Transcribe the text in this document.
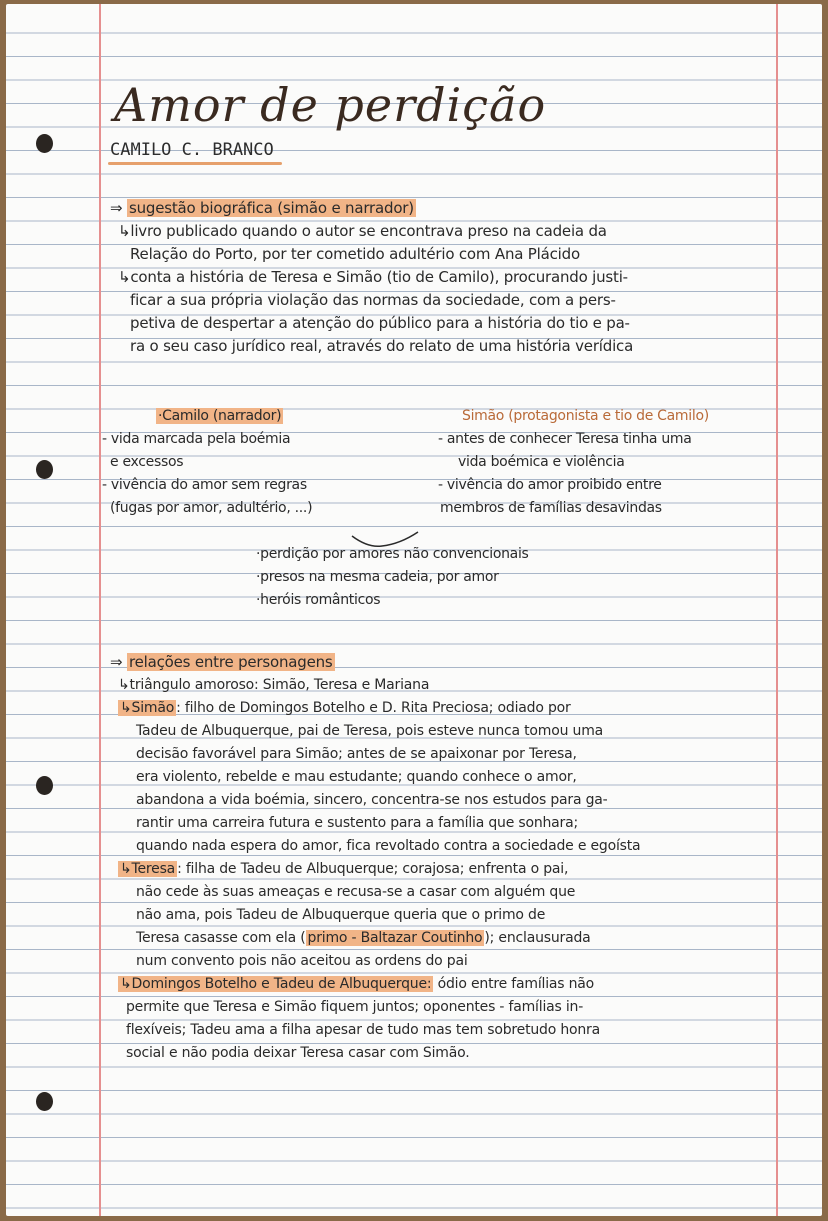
Amor de perdição
CAMILO C. BRANCO
⇒ sugestão biográfica (simão e narrador)
↳livro publicado quando o autor se encontrava preso na cadeia da
Relação do Porto, por ter cometido adultério com Ana Plácido
↳conta a história de Teresa e Simão (tio de Camilo), procurando justi-
ficar a sua própria violação das normas da sociedade, com a pers-
petiva de despertar a atenção do público para a história do tio e pa-
ra o seu caso jurídico real, através do relato de uma história verídica
·Camilo (narrador)
- vida marcada pela boémia
e excessos
- vivência do amor sem regras
(fugas por amor, adultério, ...)
Simão (protagonista e tio de Camilo)
- antes de conhecer Teresa tinha uma
vida boémica e violência
- vivência do amor proibido entre
membros de famílias desavindas
·perdição por amores não convencionais
·presos na mesma cadeia, por amor
·heróis românticos
⇒ relações entre personagens
↳triângulo amoroso: Simão, Teresa e Mariana
↳Simão : filho de Domingos Botelho e D. Rita Preciosa; odiado por
Tadeu de Albuquerque, pai de Teresa, pois esteve nunca tomou uma
decisão favorável para Simão; antes de se apaixonar por Teresa,
era violento, rebelde e mau estudante; quando conhece o amor,
abandona a vida boémia, sincero, concentra-se nos estudos para ga-
rantir uma carreira futura e sustento para a família que sonhara;
quando nada espera do amor, fica revoltado contra a sociedade e egoísta
↳Teresa : filha de Tadeu de Albuquerque; corajosa; enfrenta o pai,
não cede às suas ameaças e recusa-se a casar com alguém que
não ama, pois Tadeu de Albuquerque queria que o primo de
Teresa casasse com ela ( primo - Baltazar Coutinho ); enclausurada
num convento pois não aceitou as ordens do pai
↳Domingos Botelho e Tadeu de Albuquerque: ódio entre famílias não
permite que Teresa e Simão fiquem juntos; oponentes - famílias in-
flexíveis; Tadeu ama a filha apesar de tudo mas tem sobretudo honra
social e não podia deixar Teresa casar com Simão.
